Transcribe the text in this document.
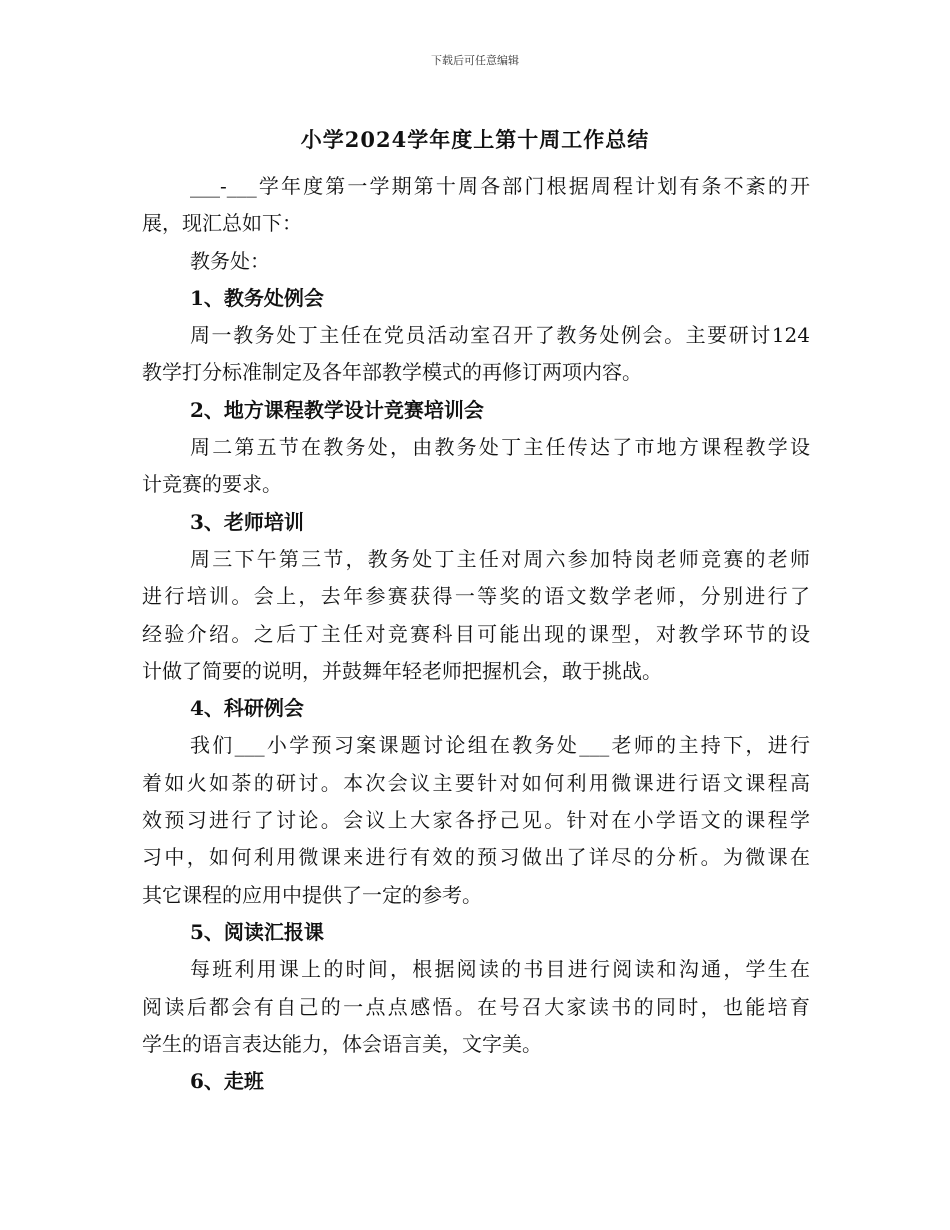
下载后可任意编辑
小学2024学年度上第十周工作总结
___-___学年度第一学期第十周各部门根据周程计划有条不紊的开
展，现汇总如下：
教务处：
1、教务处例会
周一教务处丁主任在党员活动室召开了教务处例会。主要研讨124
教学打分标准制定及各年部教学模式的再修订两项内容。
2、地方课程教学设计竞赛培训会
周二第五节在教务处，由教务处丁主任传达了市地方课程教学设
计竞赛的要求。
3、老师培训
周三下午第三节，教务处丁主任对周六参加特岗老师竞赛的老师
进行培训。会上，去年参赛获得一等奖的语文数学老师，分别进行了
经验介绍。之后丁主任对竞赛科目可能出现的课型，对教学环节的设
计做了简要的说明，并鼓舞年轻老师把握机会，敢于挑战。
4、科研例会
我们___小学预习案课题讨论组在教务处___老师的主持下，进行
着如火如荼的研讨。本次会议主要针对如何利用微课进行语文课程高
效预习进行了讨论。会议上大家各抒己见。针对在小学语文的课程学
习中，如何利用微课来进行有效的预习做出了详尽的分析。为微课在
其它课程的应用中提供了一定的参考。
5、阅读汇报课
每班利用课上的时间，根据阅读的书目进行阅读和沟通，学生在
阅读后都会有自己的一点点感悟。在号召大家读书的同时，也能培育
学生的语言表达能力，体会语言美，文字美。
6、走班
